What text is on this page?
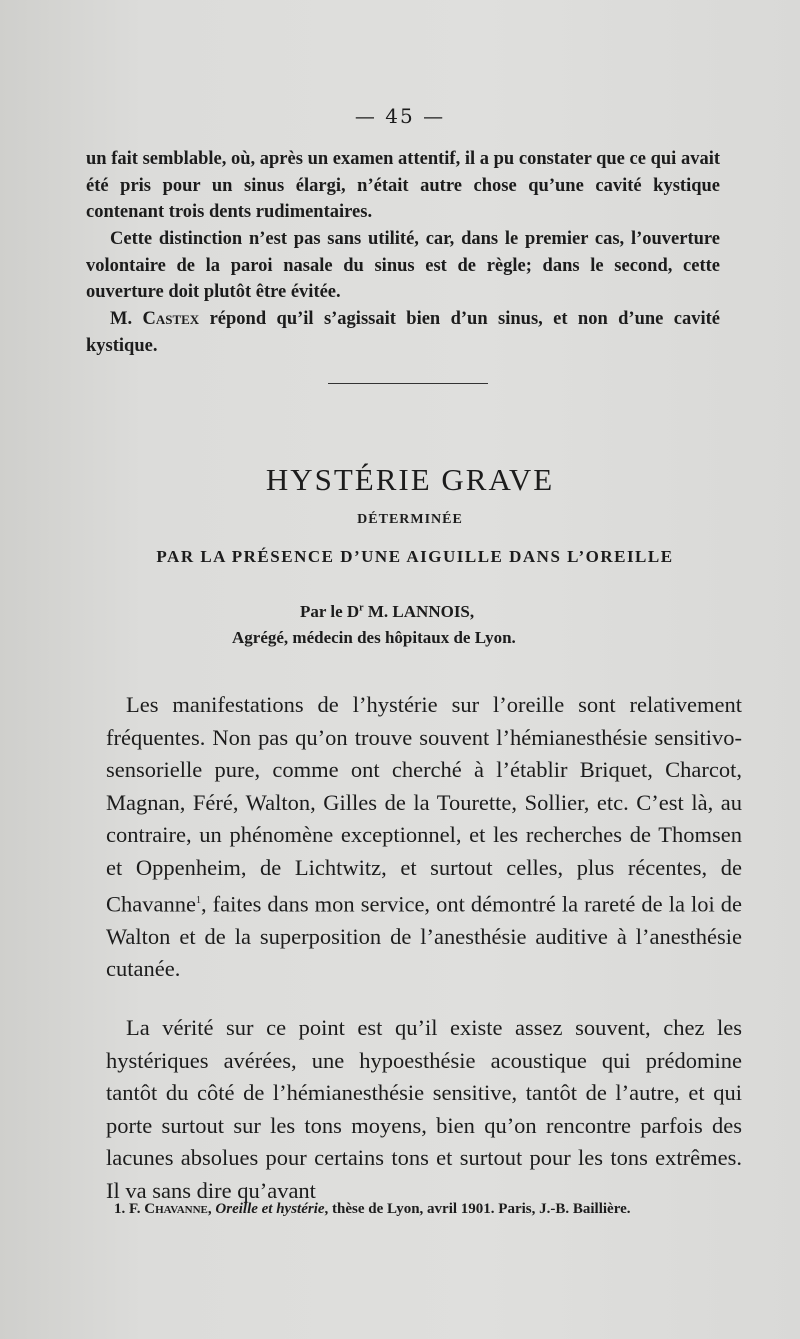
— 45 —

un fait semblable, où, après un examen attentif, il a pu constater que ce qui avait été pris pour un sinus élargi, n’était autre chose qu’une cavité kystique contenant trois dents rudimentaires.

Cette distinction n’est pas sans utilité, car, dans le premier cas, l’ouverture volontaire de la paroi nasale du sinus est de règle; dans le second, cette ouverture doit plutôt être évitée.

M. Castex répond qu’il s’agissait bien d’un sinus, et non d’une cavité kystique.

HYSTÉRIE GRAVE
DÉTERMINÉE
PAR LA PRÉSENCE D’UNE AIGUILLE DANS L’OREILLE
Par le $D^r$ M. LANNOIS,
Agrégé, médecin des hôpitaux de Lyon.

Les manifestations de l’hystérie sur l’oreille sont relativement fréquentes. Non pas qu’on trouve souvent l’hémianesthésie sensitivo-sensorielle pure, comme ont cherché à l’établir Briquet, Charcot, Magnan, Féré, Walton, Gilles de la Tourette, Sollier, etc. C’est là, au contraire, un phénomène exceptionnel, et les recherches de Thomsen et Oppenheim, de Lichtwitz, et surtout celles, plus récentes, de Chavanne$^1$, faites dans mon service, ont démontré la rareté de la loi de Walton et de la superposition de l’anesthésie auditive à l’anesthésie cutanée.

La vérité sur ce point est qu’il existe assez souvent, chez les hystériques avérées, une hypoesthésie acoustique qui prédomine tantôt du côté de l’hémianesthésie sensitive, tantôt de l’autre, et qui porte surtout sur les tons moyens, bien qu’on rencontre parfois des lacunes absolues pour certains tons et surtout pour les tons extrêmes. Il va sans dire qu’avant

1. F. Chavanne, Oreille et hystérie, thèse de Lyon, avril 1901. Paris, J.-B. Baillière.
